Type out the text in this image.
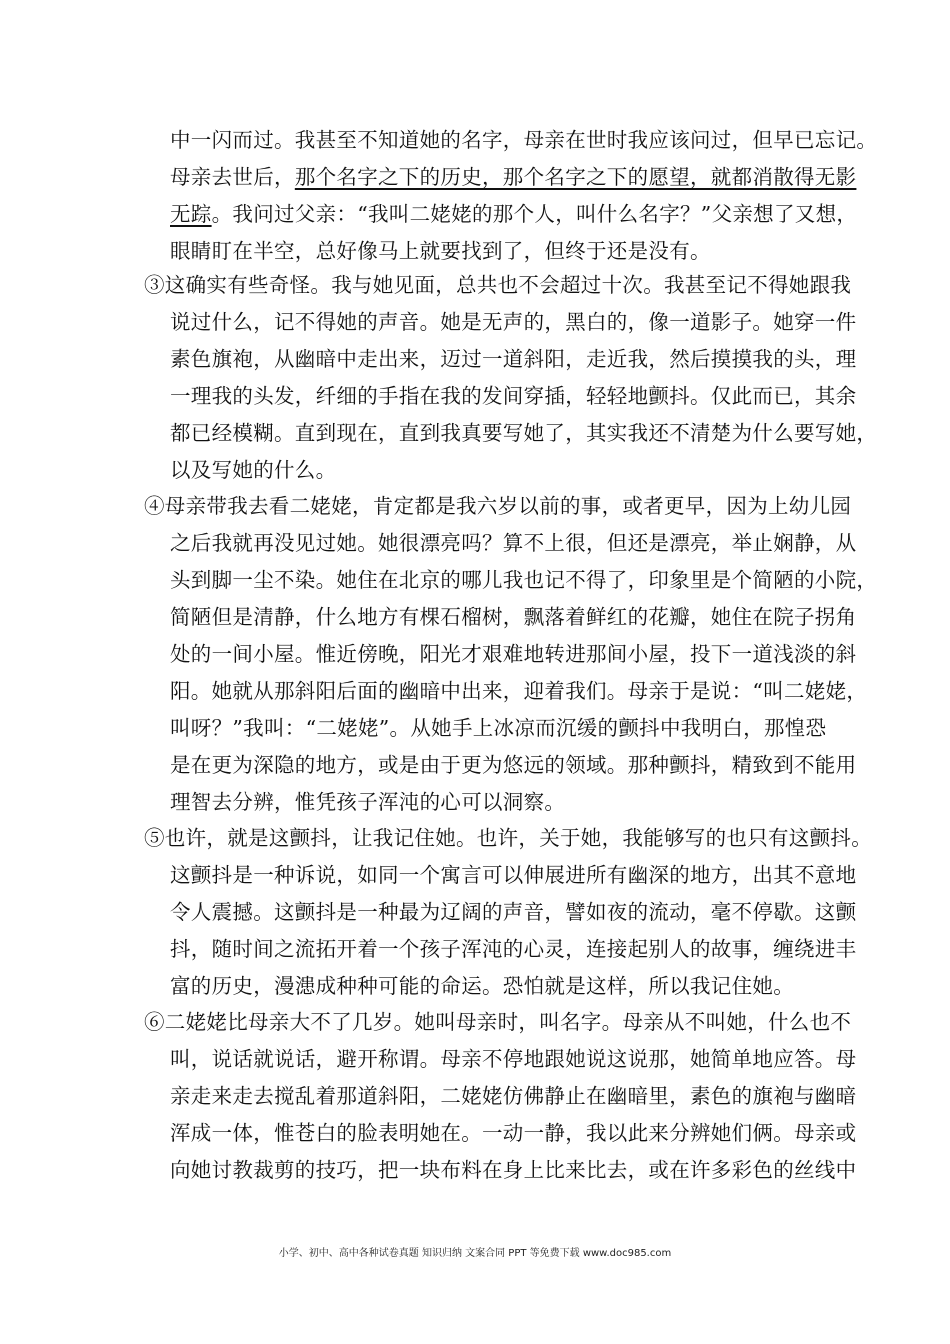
中一闪而过。我甚至不知道她的名字，母亲在世时我应该问过，但早已忘记。
母亲去世后，那个名字之下的历史，那个名字之下的愿望，就都消散得无影
无踪。我问过父亲：“我叫二姥姥的那个人，叫什么名字？”父亲想了又想，
眼睛盯在半空，总好像马上就要找到了，但终于还是没有。
③这确实有些奇怪。我与她见面，总共也不会超过十次。我甚至记不得她跟我
说过什么，记不得她的声音。她是无声的，黑白的，像一道影子。她穿一件
素色旗袍，从幽暗中走出来，迈过一道斜阳，走近我，然后摸摸我的头，理
一理我的头发，纤细的手指在我的发间穿插，轻轻地颤抖。仅此而已，其余
都已经模糊。直到现在，直到我真要写她了，其实我还不清楚为什么要写她，
以及写她的什么。
④母亲带我去看二姥姥，肯定都是我六岁以前的事，或者更早，因为上幼儿园
之后我就再没见过她。她很漂亮吗？算不上很，但还是漂亮，举止娴静，从
头到脚一尘不染。她住在北京的哪儿我也记不得了，印象里是个简陋的小院，
简陋但是清静，什么地方有棵石榴树，飘落着鲜红的花瓣，她住在院子拐角
处的一间小屋。惟近傍晚，阳光才艰难地转进那间小屋，投下一道浅淡的斜
阳。她就从那斜阳后面的幽暗中出来，迎着我们。母亲于是说：“叫二姥姥，
叫呀？”我叫：“二姥姥”。从她手上冰凉而沉缓的颤抖中我明白，那惶恐
是在更为深隐的地方，或是由于更为悠远的领域。那种颤抖，精致到不能用
理智去分辨，惟凭孩子浑沌的心可以洞察。
⑤也许，就是这颤抖，让我记住她。也许，关于她，我能够写的也只有这颤抖。
这颤抖是一种诉说，如同一个寓言可以伸展进所有幽深的地方，出其不意地
令人震撼。这颤抖是一种最为辽阔的声音，譬如夜的流动，毫不停歇。这颤
抖，随时间之流拓开着一个孩子浑沌的心灵，连接起别人的故事，缠绕进丰
富的历史，漫漶成种种可能的命运。恐怕就是这样，所以我记住她。
⑥二姥姥比母亲大不了几岁。她叫母亲时，叫名字。母亲从不叫她，什么也不
叫，说话就说话，避开称谓。母亲不停地跟她说这说那，她简单地应答。母
亲走来走去搅乱着那道斜阳，二姥姥仿佛静止在幽暗里，素色的旗袍与幽暗
浑成一体，惟苍白的脸表明她在。一动一静，我以此来分辨她们俩。母亲或
向她讨教裁剪的技巧，把一块布料在身上比来比去，或在许多彩色的丝线中
小学、初中、高中各种试卷真题 知识归纳 文案合同 PPT 等免费下载 www.doc985.com
